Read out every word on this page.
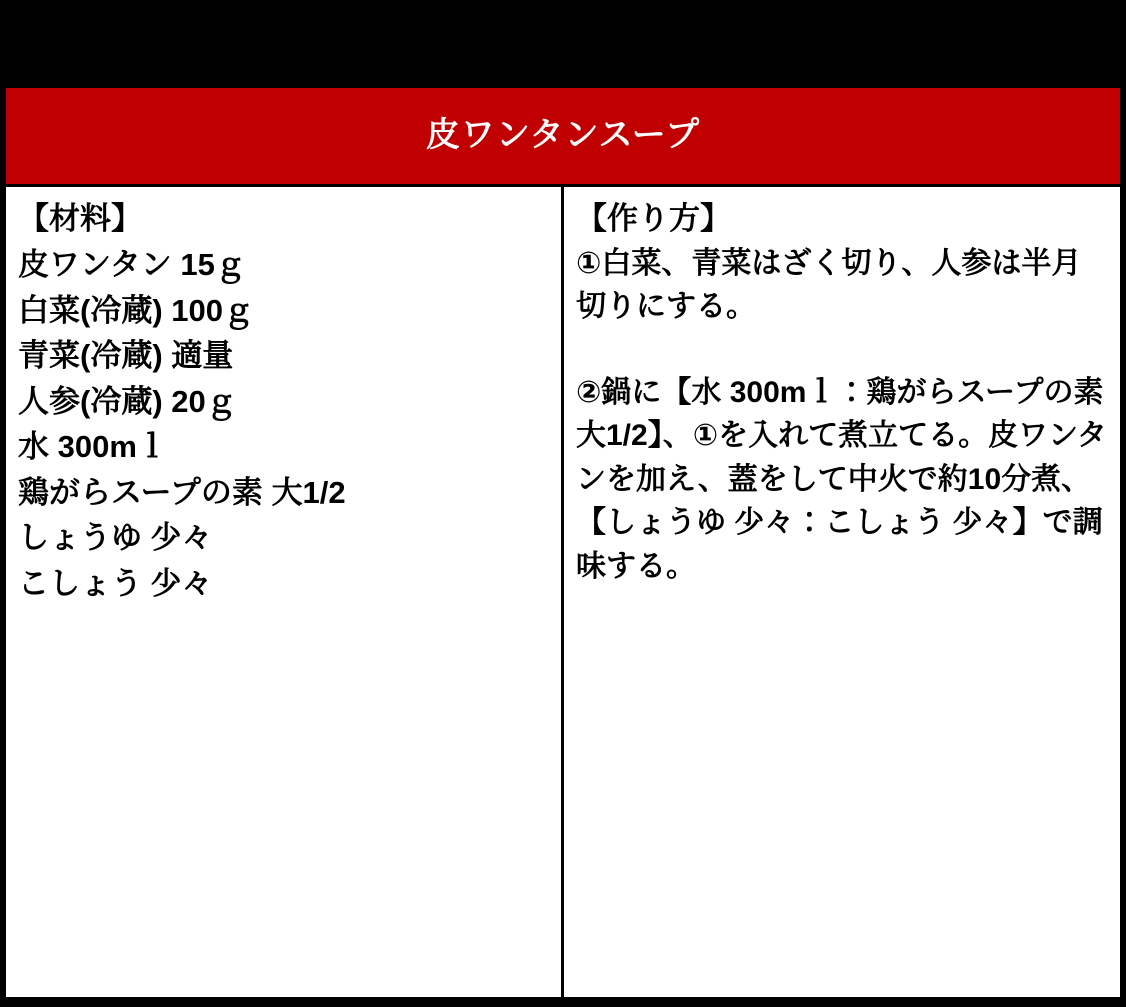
皮ワンタンスープ
【材料】
皮ワンタン 15ｇ
白菜(冷蔵) 100ｇ
青菜(冷蔵) 適量
人参(冷蔵) 20ｇ
水 300mｌ
鶏がらスープの素 大1/2
しょうゆ 少々
こしょう 少々
【作り方】

①白菜、青菜はざく切り、人参は半月切りにする。

②鍋に【水 300mｌ：鶏がらスープの素 大1/2】、①を入れて煮立てる。皮ワンタンを加え、蓋をして中火で約10分煮、【しょうゆ 少々：こしょう 少々】で調味する。
